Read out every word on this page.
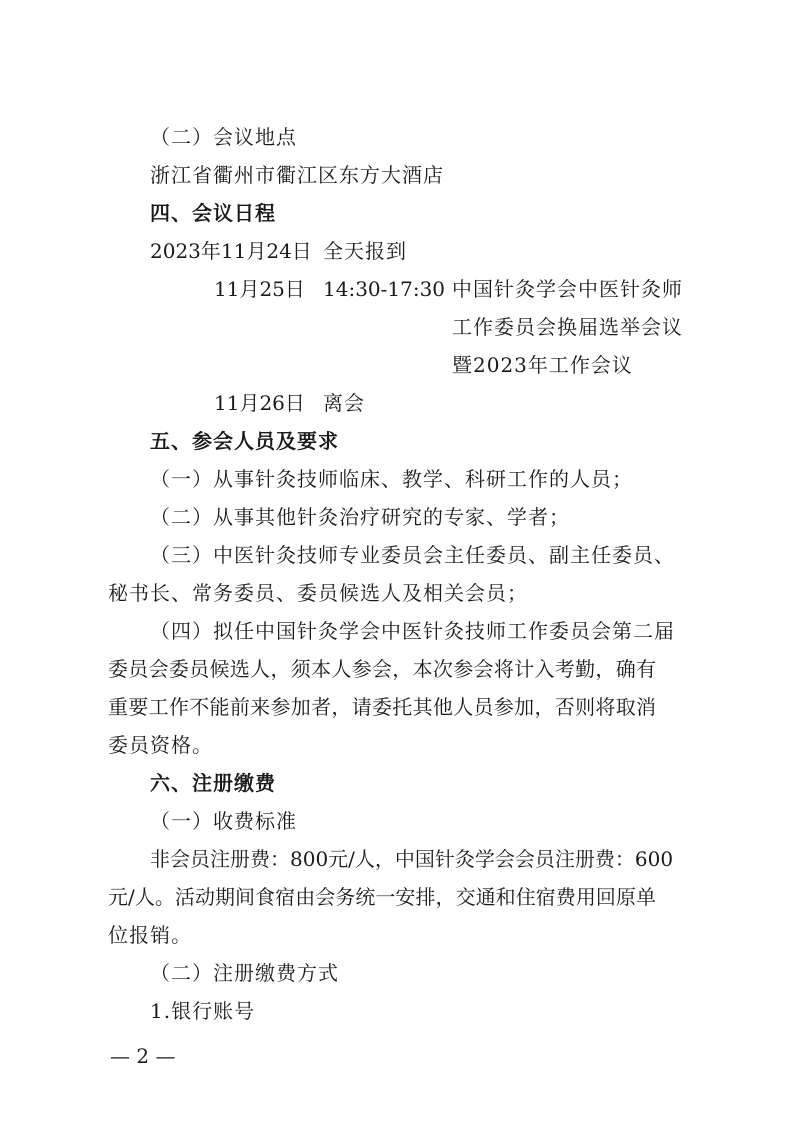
（二）会议地点
浙江省衢州市衢江区东方大酒店
四、会议日程
2023年11月24日 全天报到
11月25日 14:30-17:30 中国针灸学会中医针灸师
工作委员会换届选举会议
暨2023年工作会议
11月26日 离会
五、参会人员及要求
（一）从事针灸技师临床、教学、科研工作的人员；
（二）从事其他针灸治疗研究的专家、学者；
（三）中医针灸技师专业委员会主任委员、副主任委员、
秘书长、常务委员、委员候选人及相关会员；
（四）拟任中国针灸学会中医针灸技师工作委员会第二届
委员会委员候选人，须本人参会，本次参会将计入考勤，确有
重要工作不能前来参加者，请委托其他人员参加，否则将取消
委员资格。
六、注册缴费
（一）收费标准
非会员注册费：800元/人，中国针灸学会会员注册费：600
元/人。活动期间食宿由会务统一安排，交通和住宿费用回原单
位报销。
（二）注册缴费方式
1.银行账号
— 2 —
